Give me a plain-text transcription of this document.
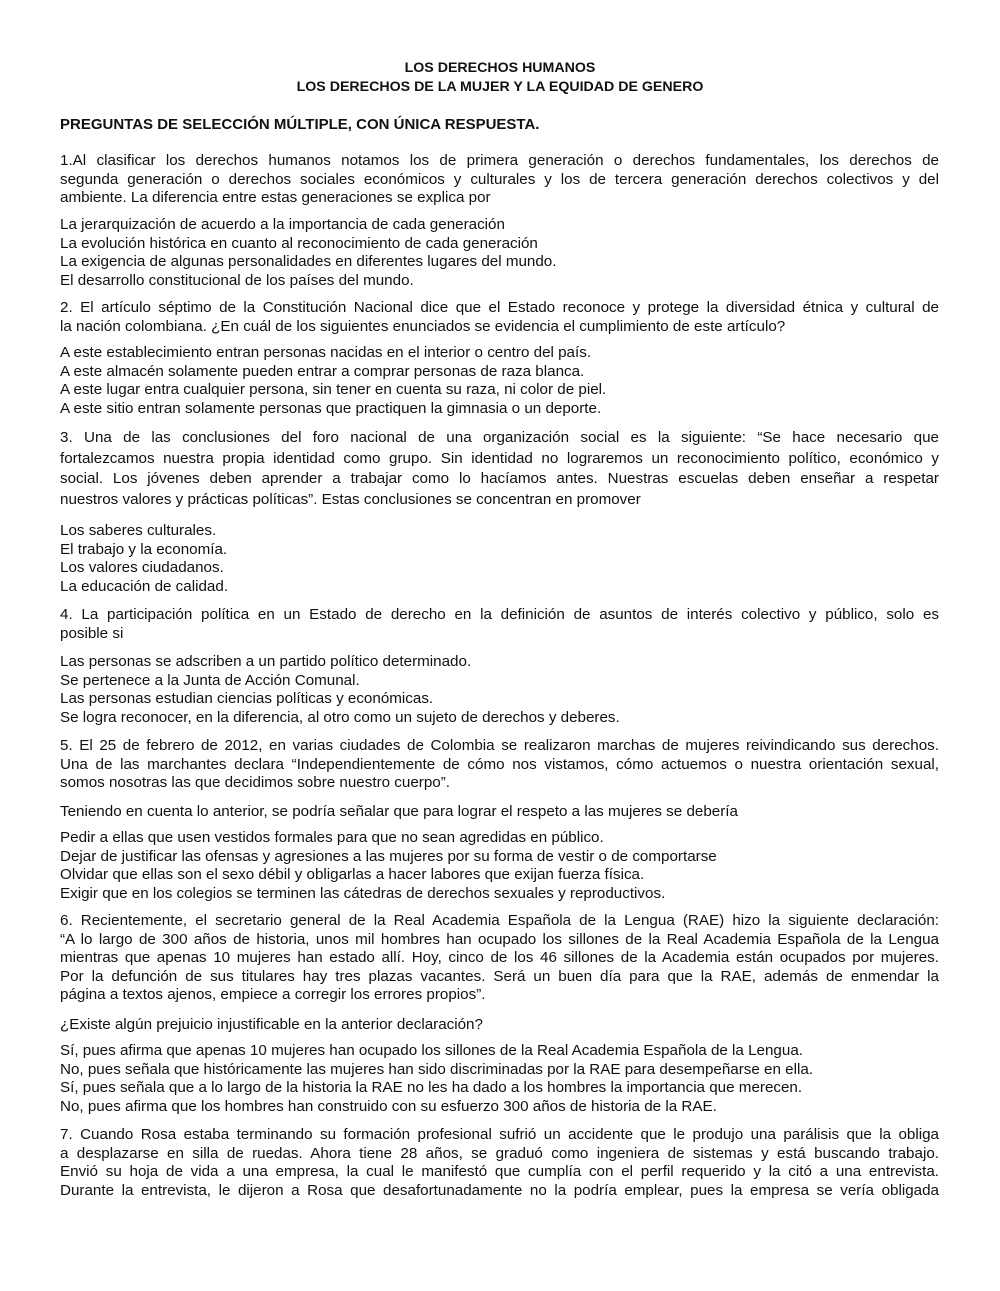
LOS DERECHOS HUMANOS
LOS DERECHOS DE LA MUJER Y LA EQUIDAD DE GENERO
PREGUNTAS DE SELECCIÓN MÚLTIPLE, CON ÚNICA RESPUESTA.
1.Al clasificar los derechos humanos notamos los de primera generación o derechos fundamentales, los derechos de
segunda generación o derechos sociales económicos y culturales y los de tercera generación derechos colectivos y del
ambiente. La diferencia entre estas generaciones se explica por
La jerarquización de acuerdo a la importancia de cada generación
La evolución histórica en cuanto al reconocimiento de cada generación
La exigencia de algunas personalidades en diferentes lugares del mundo.
El desarrollo constitucional de los países del mundo.
2. El artículo séptimo de la Constitución Nacional dice que el Estado reconoce y protege la diversidad étnica y cultural de
la nación colombiana. ¿En cuál de los siguientes enunciados se evidencia el cumplimiento de este artículo?
A este establecimiento entran personas nacidas en el interior o centro del país.
A este almacén solamente pueden entrar a comprar personas de raza blanca.
A este lugar entra cualquier persona, sin tener en cuenta su raza, ni color de piel.
A este sitio entran solamente personas que practiquen la gimnasia o un deporte.
3. Una de las conclusiones del foro nacional de una organización social es la siguiente: “Se hace necesario que
fortalezcamos nuestra propia identidad como grupo. Sin identidad no lograremos un reconocimiento político, económico y
social. Los jóvenes deben aprender a trabajar como lo hacíamos antes. Nuestras escuelas deben enseñar a respetar
nuestros valores y prácticas políticas”. Estas conclusiones se concentran en promover
Los saberes culturales.
El trabajo y la economía.
Los valores ciudadanos.
La educación de calidad.
4. La participación política en un Estado de derecho en la definición de asuntos de interés colectivo y público, solo es
posible si
Las personas se adscriben a un partido político determinado.
Se pertenece a la Junta de Acción Comunal.
Las personas estudian ciencias políticas y económicas.
Se logra reconocer, en la diferencia, al otro como un sujeto de derechos y deberes.
5. El 25 de febrero de 2012, en varias ciudades de Colombia se realizaron marchas de mujeres reivindicando sus derechos.
Una de las marchantes declara “Independientemente de cómo nos vistamos, cómo actuemos o nuestra orientación sexual,
somos nosotras las que decidimos sobre nuestro cuerpo”.
Teniendo en cuenta lo anterior, se podría señalar que para lograr el respeto a las mujeres se debería
Pedir a ellas que usen vestidos formales para que no sean agredidas en público.
Dejar de justificar las ofensas y agresiones a las mujeres por su forma de vestir o de comportarse
Olvidar que ellas son el sexo débil y obligarlas a hacer labores que exijan fuerza física.
Exigir que en los colegios se terminen las cátedras de derechos sexuales y reproductivos.
6. Recientemente, el secretario general de la Real Academia Española de la Lengua (RAE) hizo la siguiente declaración:
“A lo largo de 300 años de historia, unos mil hombres han ocupado los sillones de la Real Academia Española de la Lengua
mientras que apenas 10 mujeres han estado allí. Hoy, cinco de los 46 sillones de la Academia están ocupados por mujeres.
Por la defunción de sus titulares hay tres plazas vacantes. Será un buen día para que la RAE, además de enmendar la
página a textos ajenos, empiece a corregir los errores propios”.
¿Existe algún prejuicio injustificable en la anterior declaración?
Sí, pues afirma que apenas 10 mujeres han ocupado los sillones de la Real Academia Española de la Lengua.
No, pues señala que históricamente las mujeres han sido discriminadas por la RAE para desempeñarse en ella.
Sí, pues señala que a lo largo de la historia la RAE no les ha dado a los hombres la importancia que merecen.
No, pues afirma que los hombres han construido con su esfuerzo 300 años de historia de la RAE.
7. Cuando Rosa estaba terminando su formación profesional sufrió un accidente que le produjo una parálisis que la obliga
a desplazarse en silla de ruedas. Ahora tiene 28 años, se graduó como ingeniera de sistemas y está buscando trabajo.
Envió su hoja de vida a una empresa, la cual le manifestó que cumplía con el perfil requerido y la citó a una entrevista.
Durante la entrevista, le dijeron a Rosa que desafortunadamente no la podría emplear, pues la empresa se vería obligada
